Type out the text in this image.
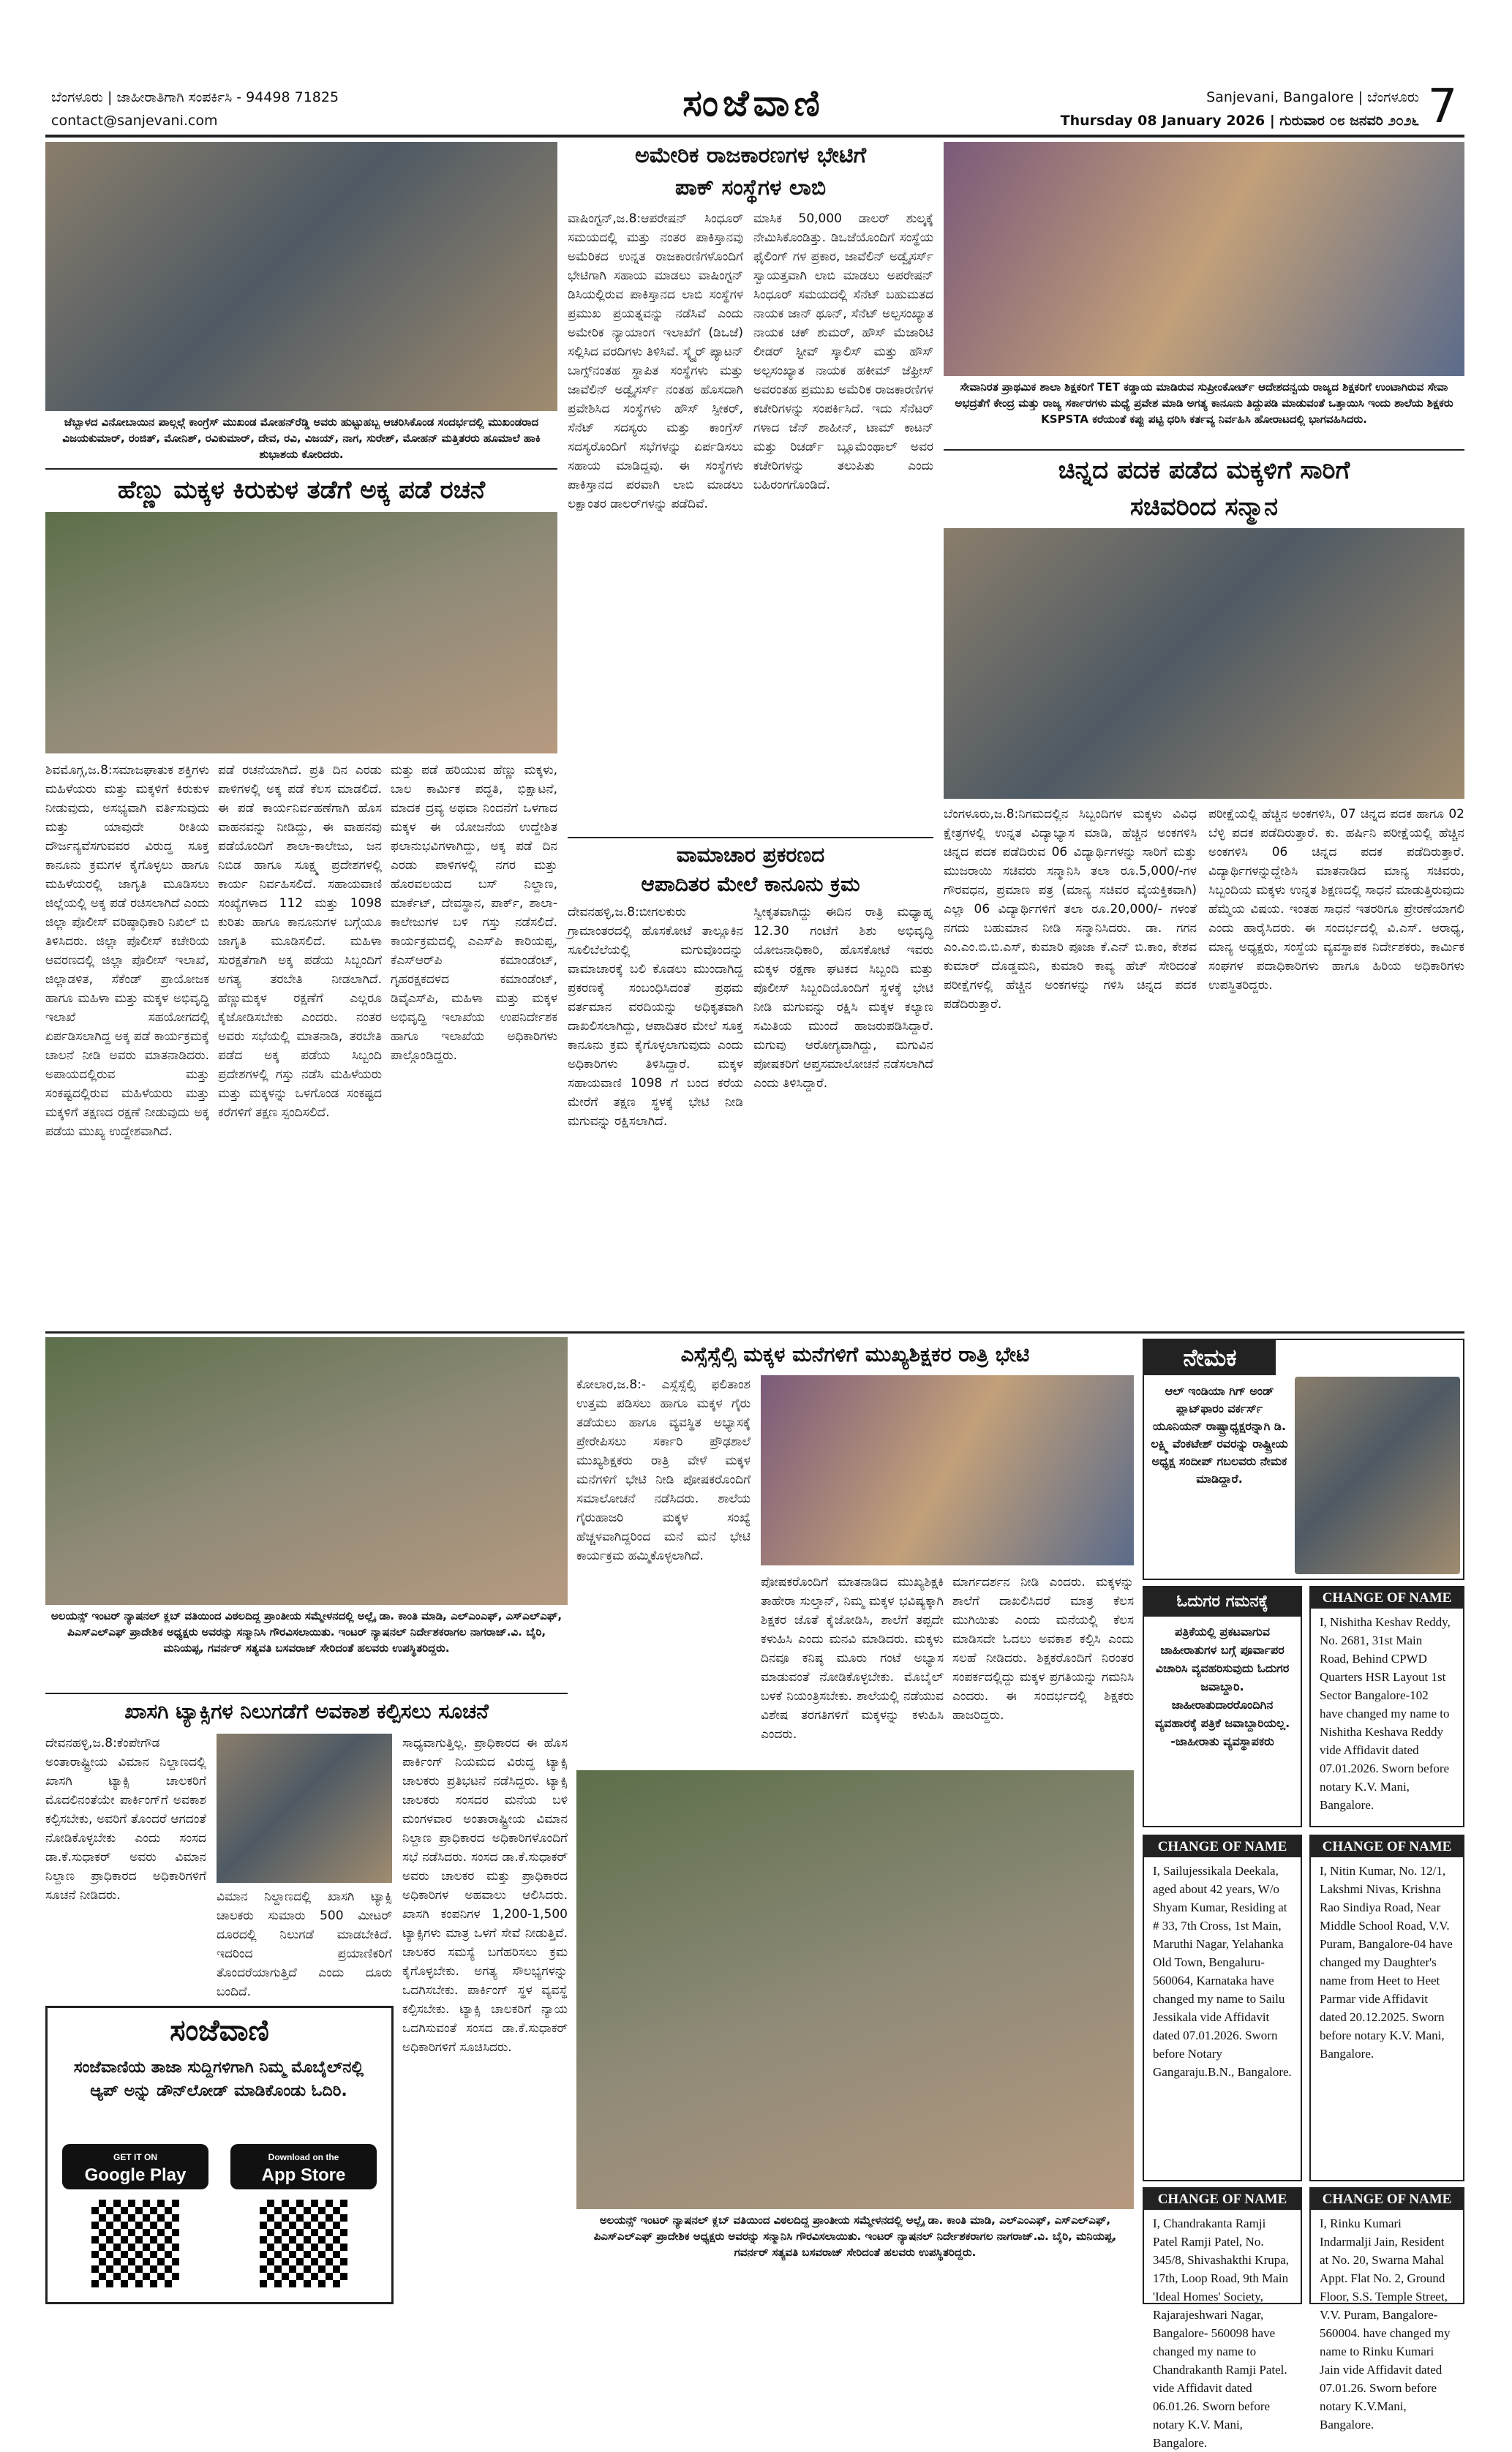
ಬೆಂಗಳೂರು | ಜಾಹೀರಾತಿಗಾಗಿ ಸಂಪರ್ಕಿಸಿ - 94498 71825
contact@sanjevani.com	ಸಂಜೆವಾಣಿ	Sanjevani, Bangalore | ಬೆಂಗಳೂರು
Thursday 08 January 2026 | ಗುರುವಾರ ೦೮ ಜನವರಿ ೨೦೨೬ 7
ಜೆಬ್ಬಾಳದ ವಿನೋಬಾಯಿನ ಪಾಲ್ಗಲ್ಗೆ ಕಾಂಗ್ರೆಸ್ ಮುಖಂಡ ಮೋಹನ್‌ರೆಡ್ಡಿ ಅವರು ಹುಟ್ಟುಹಬ್ಬ ಆಚರಿಸಿಕೊಂಡ ಸಂದರ್ಭದಲ್ಲಿ ಮುಖಂಡರಾದ ವಿಜಯಕುಮಾರ್, ರಂಜಿತ್, ಮೋನಿಶ್, ರವಿಕುಮಾರ್, ದೇವ, ರವಿ, ವಿಜಯ್, ನಾಗ, ಸುರೇಶ್, ಮೋಹನ್ ಮತ್ತಿತರರು ಹೂಮಾಲೆ ಹಾಕಿ ಶುಭಾಶಯ ಕೋರಿದರು.
ಹೆಣ್ಣು ಮಕ್ಕಳ ಕಿರುಕುಳ ತಡೆಗೆ ಅಕ್ಕ ಪಡೆ ರಚನೆ
ಶಿವಮೊಗ್ಗ,ಜ.8:ಸಮಾಜಘಾತುಕ ಶಕ್ತಿಗಳು ಮಹಿಳೆಯರು ಮತ್ತು ಮಕ್ಕಳಿಗೆ ಕಿರುಕುಳ ನೀಡುವುದು, ಅಸಭ್ಯವಾಗಿ ವರ್ತಿಸುವುದು ಮತ್ತು ಯಾವುದೇ ರೀತಿಯ ದೌರ್ಜನ್ಯವೆಸಗುವವರ ವಿರುದ್ಧ ಸೂಕ್ತ ಕಾನೂನು ಕ್ರಮಗಳ ಕೈಗೊಳ್ಳಲು ಹಾಗೂ ಮಹಿಳೆಯರಲ್ಲಿ ಜಾಗೃತಿ ಮೂಡಿಸಲು ಜಿಲ್ಲೆಯಲ್ಲಿ ಅಕ್ಕ ಪಡೆ ರಚಿಸಲಾಗಿದೆ ಎಂದು ಜಿಲ್ಲಾ ಪೊಲೀಸ್ ವರಿಷ್ಠಾಧಿಕಾರಿ ನಿಖಿಲ್ ಬಿ ತಿಳಿಸಿದರು. ಜಿಲ್ಲಾ ಪೊಲೀಸ್ ಕಚೇರಿಯ ಆವರಣದಲ್ಲಿ ಜಿಲ್ಲಾ ಪೊಲೀಸ್ ಇಲಾಖೆ, ಜಿಲ್ಲಾಡಳಿತ, ಸೆಕೆಂಡ್ ಪ್ರಾಯೋಜಕ ಹಾಗೂ ಮಹಿಳಾ ಮತ್ತು ಮಕ್ಕಳ ಅಭಿವೃದ್ಧಿ ಇಲಾಖೆ ಸಹಯೋಗದಲ್ಲಿ ಏರ್ಪಡಿಸಲಾಗಿದ್ದ ಅಕ್ಕ ಪಡೆ ಕಾರ್ಯಕ್ರಮಕ್ಕೆ ಚಾಲನೆ ನೀಡಿ ಅವರು ಮಾತನಾಡಿದರು. ಅಪಾಯದಲ್ಲಿರುವ ಮತ್ತು ಸಂಕಷ್ಟದಲ್ಲಿರುವ ಮಹಿಳೆಯರು ಮತ್ತು ಮಕ್ಕಳಿಗೆ ತಕ್ಷಣದ ರಕ್ಷಣೆ ನೀಡುವುದು ಅಕ್ಕ ಪಡೆಯ ಮುಖ್ಯ ಉದ್ದೇಶವಾಗಿದೆ.
ಪಡೆ ರಚನೆಯಾಗಿದೆ. ಪ್ರತಿ ದಿನ ಎರಡು ಪಾಳಿಗಳಲ್ಲಿ ಅಕ್ಕ ಪಡೆ ಕೆಲಸ ಮಾಡಲಿದೆ. ಈ ಪಡೆ ಕಾರ್ಯನಿರ್ವಹಣೆಗಾಗಿ ಹೊಸ ವಾಹನವನ್ನು ನೀಡಿದ್ದು, ಈ ವಾಹನವು ಪಡೆಯೊಂದಿಗೆ ಶಾಲಾ-ಕಾಲೇಜು, ಜನ ನಿಬಿಡ ಹಾಗೂ ಸೂಕ್ಷ್ಮ ಪ್ರದೇಶಗಳಲ್ಲಿ ಕಾರ್ಯ ನಿರ್ವಹಿಸಲಿದೆ. ಸಹಾಯವಾಣಿ ಸಂಖ್ಯೆಗಳಾದ 112 ಮತ್ತು 1098 ಕುರಿತು ಹಾಗೂ ಕಾನೂನುಗಳ ಬಗ್ಗೆಯೂ ಜಾಗೃತಿ ಮೂಡಿಸಲಿದೆ. ಮಹಿಳಾ ಸುರಕ್ಷತೆಗಾಗಿ ಅಕ್ಕ ಪಡೆಯ ಸಿಬ್ಬಂದಿಗೆ ಅಗತ್ಯ ತರಬೇತಿ ನೀಡಲಾಗಿದೆ. ಹೆಣ್ಣುಮಕ್ಕಳ ರಕ್ಷಣೆಗೆ ಎಲ್ಲರೂ ಕೈಜೋಡಿಸಬೇಕು ಎಂದರು. ನಂತರ ಅವರು ಸಭೆಯಲ್ಲಿ ಮಾತನಾಡಿ, ತರಬೇತಿ ಪಡೆದ ಅಕ್ಕ ಪಡೆಯ ಸಿಬ್ಬಂದಿ ಪ್ರದೇಶಗಳಲ್ಲಿ ಗಸ್ತು ನಡೆಸಿ ಮಹಿಳೆಯರು ಮತ್ತು ಮಕ್ಕಳನ್ನು ಒಳಗೊಂಡ ಸಂಕಷ್ಟದ ಕರೆಗಳಿಗೆ ತಕ್ಷಣ ಸ್ಪಂದಿಸಲಿದೆ.
ಮತ್ತು ಪಡೆ ಹರಿಯುವ ಹೆಣ್ಣು ಮಕ್ಕಳು, ಬಾಲ ಕಾರ್ಮಿಕ ಪದ್ಧತಿ, ಭಿಕ್ಷಾಟನೆ, ಮಾದಕ ದ್ರವ್ಯ ಅಥವಾ ನಿಂದನೆಗೆ ಒಳಗಾದ ಮಕ್ಕಳ ಈ ಯೋಜನೆಯ ಉದ್ದೇಶಿತ ಫಲಾನುಭವಿಗಳಾಗಿದ್ದು, ಅಕ್ಕ ಪಡೆ ದಿನ ಎರಡು ಪಾಳಿಗಳಲ್ಲಿ ನಗರ ಮತ್ತು ಹೊರವಲಯದ ಬಸ್ ನಿಲ್ದಾಣ, ಮಾರ್ಕೆಟ್, ದೇವಸ್ಥಾನ, ಪಾರ್ಕ್, ಶಾಲಾ-ಕಾಲೇಜುಗಳ ಬಳಿ ಗಸ್ತು ನಡೆಸಲಿದೆ. ಕಾರ್ಯಕ್ರಮದಲ್ಲಿ ಎಎಸ್‌ಪಿ ಕಾರಿಯಪ್ಪ, ಕೆಎಸ್‌ಆರ್‌ಪಿ ಕಮಾಂಡೆಂಟ್, ಗೃಹರಕ್ಷಕದಳದ ಕಮಾಂಡೆಂಟ್, ಡಿವೈಎಸ್‌ಪಿ, ಮಹಿಳಾ ಮತ್ತು ಮಕ್ಕಳ ಅಭಿವೃದ್ಧಿ ಇಲಾಖೆಯ ಉಪನಿರ್ದೇಶಕ ಹಾಗೂ ಇಲಾಖೆಯ ಅಧಿಕಾರಿಗಳು ಪಾಲ್ಗೊಂಡಿದ್ದರು.
ಅಮೇರಿಕ ರಾಜಕಾರಣಗಳ ಭೇಟಿಗೆ
ಪಾಕ್ ಸಂಸ್ಥೆಗಳ ಲಾಬಿ
ವಾಷಿಂಗ್ಟನ್,ಜ.8:ಆಪರೇಷನ್ ಸಿಂಧೂರ್ ಸಮಯದಲ್ಲಿ ಮತ್ತು ನಂತರ ಪಾಕಿಸ್ತಾನವು ಅಮೆರಿಕದ ಉನ್ನತ ರಾಜಕಾರಣಿಗಳೊಂದಿಗೆ ಭೇಟಿಗಾಗಿ ಸಹಾಯ ಮಾಡಲು ವಾಷಿಂಗ್ಟನ್ ಡಿಸಿಯಲ್ಲಿರುವ ಪಾಕಿಸ್ತಾನದ ಲಾಬಿ ಸಂಸ್ಥೆಗಳ ಪ್ರಮುಖ ಪ್ರಯತ್ನವನ್ನು ನಡೆಸಿವೆ ಎಂದು ಅಮೇರಿಕ ನ್ಯಾಯಾಂಗ ಇಲಾಖೆಗೆ (ಡಿಒಜೆ) ಸಲ್ಲಿಸಿದ ವರದಿಗಳು ತಿಳಿಸಿವೆ. ಸ್ಕ್ವೈರ್ ಪ್ಯಾಟನ್ ಬಾಗ್ಸ್‌ನಂತಹ ಸ್ಥಾಪಿತ ಸಂಸ್ಥೆಗಳು ಮತ್ತು ಜಾವೆಲಿನ್ ಅಡ್ವೈಸರ್ಸ್ ನಂತಹ ಹೊಸದಾಗಿ ಪ್ರವೇಶಿಸಿದ ಸಂಸ್ಥೆಗಳು ಹೌಸ್ ಸ್ಪೀಕರ್, ಸೆನೆಟ್ ಸದಸ್ಯರು ಮತ್ತು ಕಾಂಗ್ರೆಸ್ ಸದಸ್ಯರೊಂದಿಗೆ ಸಭೆಗಳನ್ನು ಏರ್ಪಡಿಸಲು ಸಹಾಯ ಮಾಡಿದ್ದವು. ಈ ಸಂಸ್ಥೆಗಳು ಪಾಕಿಸ್ತಾನದ ಪರವಾಗಿ ಲಾಬಿ ಮಾಡಲು ಲಕ್ಷಾಂತರ ಡಾಲರ್‌ಗಳನ್ನು ಪಡೆದಿವೆ.
ಮಾಸಿಕ 50,000 ಡಾಲರ್ ಶುಲ್ಕಕ್ಕೆ ನೇಮಿಸಿಕೊಂಡಿತ್ತು. ಡಿಒಜೆಯೊಂದಿಗೆ ಸಂಸ್ಥೆಯ ಫೈಲಿಂಗ್ ಗಳ ಪ್ರಕಾರ, ಜಾವೆಲಿನ್ ಅಡ್ವೈಸರ್ಸ್ ಸ್ವಾಯತ್ತವಾಗಿ ಲಾಬಿ ಮಾಡಲು ಅಪರೇಷನ್ ಸಿಂಧೂರ್ ಸಮಯದಲ್ಲಿ ಸೆನೆಟ್ ಬಹುಮತದ ನಾಯಕ ಜಾನ್ ಥೂನ್, ಸೆನೆಟ್ ಅಲ್ಪಸಂಖ್ಯಾತ ನಾಯಕ ಚಕ್ ಶುಮರ್, ಹೌಸ್ ಮೆಜಾರಿಟಿ ಲೀಡರ್ ಸ್ಟೀವ್ ಸ್ಕಾಲಿಸ್ ಮತ್ತು ಹೌಸ್ ಅಲ್ಪಸಂಖ್ಯಾತ ನಾಯಕ ಹಕೀಮ್ ಜೆಫ್ರೀಸ್ ಅವರಂತಹ ಪ್ರಮುಖ ಅಮೆರಿಕ ರಾಜಕಾರಣಿಗಳ ಕಚೇರಿಗಳನ್ನು ಸಂಪರ್ಕಿಸಿದೆ. ಇದು ಸೆನೆಟರ್ ಗಳಾದ ಜೆನ್ ಶಾಹೀನ್, ಟಾಮ್ ಕಾಟನ್ ಮತ್ತು ರಿಚರ್ಡ್ ಬ್ಲೂಮೆಂಥಾಲ್ ಅವರ ಕಚೇರಿಗಳನ್ನು ತಲುಪಿತು ಎಂದು ಬಹಿರಂಗಗೊಂಡಿದೆ.
ವಾಮಾಚಾರ ಪ್ರಕರಣದ
ಆಪಾದಿತರ ಮೇಲೆ ಕಾನೂನು ಕ್ರಮ
ದೇವನಹಳ್ಳಿ,ಜ.8:ಬೀಗಲಕುರು ಗ್ರಾಮಾಂತರದಲ್ಲಿ ಹೊಸಕೋಟೆ ತಾಲ್ಲೂಕಿನ ಸೂಲಿಬೆಲೆಯಲ್ಲಿ ಮಗುವೊಂದನ್ನು ವಾಮಾಚಾರಕ್ಕೆ ಬಲಿ ಕೊಡಲು ಮುಂದಾಗಿದ್ದ ಪ್ರಕರಣಕ್ಕೆ ಸಂಬಂಧಿಸಿದಂತೆ ಪ್ರಥಮ ವರ್ತಮಾನ ವರದಿಯನ್ನು ಅಧಿಕೃತವಾಗಿ ದಾಖಲಿಸಲಾಗಿದ್ದು, ಆಪಾದಿತರ ಮೇಲೆ ಸೂಕ್ತ ಕಾನೂನು ಕ್ರಮ ಕೈಗೊಳ್ಳಲಾಗುವುದು ಎಂದು ಅಧಿಕಾರಿಗಳು ತಿಳಿಸಿದ್ದಾರೆ. ಮಕ್ಕಳ ಸಹಾಯವಾಣಿ 1098 ಗೆ ಬಂದ ಕರೆಯ ಮೇರೆಗೆ ತಕ್ಷಣ ಸ್ಥಳಕ್ಕೆ ಭೇಟಿ ನೀಡಿ ಮಗುವನ್ನು ರಕ್ಷಿಸಲಾಗಿದೆ.
ಸ್ವೀಕೃತವಾಗಿದ್ದು ಈದಿನ ರಾತ್ರಿ ಮಧ್ಯಾಹ್ನ 12.30 ಗಂಟೆಗೆ ಶಿಶು ಅಭಿವೃದ್ಧಿ ಯೋಜನಾಧಿಕಾರಿ, ಹೊಸಕೋಟೆ ಇವರು ಮಕ್ಕಳ ರಕ್ಷಣಾ ಘಟಕದ ಸಿಬ್ಬಂದಿ ಮತ್ತು ಪೊಲೀಸ್ ಸಿಬ್ಬಂದಿಯೊಂದಿಗೆ ಸ್ಥಳಕ್ಕೆ ಭೇಟಿ ನೀಡಿ ಮಗುವನ್ನು ರಕ್ಷಿಸಿ ಮಕ್ಕಳ ಕಲ್ಯಾಣ ಸಮಿತಿಯ ಮುಂದೆ ಹಾಜರುಪಡಿಸಿದ್ದಾರೆ. ಮಗುವು ಆರೋಗ್ಯವಾಗಿದ್ದು, ಮಗುವಿನ ಪೋಷಕರಿಗೆ ಆಪ್ತಸಮಾಲೋಚನೆ ನಡೆಸಲಾಗಿದೆ ಎಂದು ತಿಳಿಸಿದ್ದಾರೆ.
ಸೇವಾನಿರತ ಪ್ರಾಥಮಿಕ ಶಾಲಾ ಶಿಕ್ಷಕರಿಗೆ TET ಕಡ್ಡಾಯ ಮಾಡಿರುವ ಸುಪ್ರೀಂಕೋರ್ಟ್ ಆದೇಶದನ್ವಯ ರಾಜ್ಯದ ಶಿಕ್ಷಕರಿಗೆ ಉಂಟಾಗಿರುವ ಸೇವಾ ಅಭದ್ರತೆಗೆ ಕೇಂದ್ರ ಮತ್ತು ರಾಜ್ಯ ಸರ್ಕಾರಗಳು ಮಧ್ಯೆ ಪ್ರವೇಶ ಮಾಡಿ ಅಗತ್ಯ ಕಾನೂನು ತಿದ್ದುಪಡಿ ಮಾಡುವಂತೆ ಒತ್ತಾಯಿಸಿ ಇಂದು ಶಾಲೆಯ ಶಿಕ್ಷಕರು KSPSTA ಕರೆಯಂತೆ ಕಪ್ಪು ಪಟ್ಟಿ ಧರಿಸಿ ಕರ್ತವ್ಯ ನಿರ್ವಹಿಸಿ ಹೋರಾಟದಲ್ಲಿ ಭಾಗವಹಿಸಿದರು.
ಚಿನ್ನದ ಪದಕ ಪಡೆದ ಮಕ್ಕಳಿಗೆ ಸಾರಿಗೆ
ಸಚಿವರಿಂದ ಸನ್ಮಾನ
ಬೆಂಗಳೂರು,ಜ.8:ನಿಗಮದಲ್ಲಿನ ಸಿಬ್ಬಂದಿಗಳ ಮಕ್ಕಳು ವಿವಿಧ ಕ್ಷೇತ್ರಗಳಲ್ಲಿ ಉನ್ನತ ವಿದ್ಯಾಭ್ಯಾಸ ಮಾಡಿ, ಹೆಚ್ಚಿನ ಅಂಕಗಳಿಸಿ ಚಿನ್ನದ ಪದಕ ಪಡೆದಿರುವ 06 ವಿದ್ಯಾರ್ಥಿಗಳನ್ನು ಸಾರಿಗೆ ಮತ್ತು ಮುಜರಾಯಿ ಸಚಿವರು ಸನ್ಮಾನಿಸಿ ತಲಾ ರೂ.5,000/-ಗಳ ಗೌರವಧನ, ಪ್ರಮಾಣ ಪತ್ರ (ಮಾನ್ಯ ಸಚಿವರ ವೈಯಕ್ತಿಕವಾಗಿ) ಎಲ್ಲಾ 06 ವಿದ್ಯಾರ್ಥಿಗಳಿಗೆ ತಲಾ ರೂ.20,000/- ಗಳಂತೆ ನಗದು ಬಹುಮಾನ ನೀಡಿ ಸನ್ಮಾನಿಸಿದರು. ಡಾ. ಗಗನ ಎಂ.ಎಂ.ಬಿ.ಬಿ.ಎಸ್, ಕುಮಾರಿ ಪೂಜಾ ಕೆ.ಎನ್ ಬಿ.ಕಾಂ, ಕೇಶವ ಕುಮಾರ್ ದೊಡ್ಡಮನಿ, ಕುಮಾರಿ ಕಾವ್ಯ ಹೆಚ್ ಸೇರಿದಂತೆ ಪರೀಕ್ಷೆಗಳಲ್ಲಿ ಹೆಚ್ಚಿನ ಅಂಕಗಳನ್ನು ಗಳಿಸಿ ಚಿನ್ನದ ಪದಕ ಪಡೆದಿರುತ್ತಾರೆ.
ಪರೀಕ್ಷೆಯಲ್ಲಿ ಹೆಚ್ಚಿನ ಅಂಕಗಳಿಸಿ, 07 ಚಿನ್ನದ ಪದಕ ಹಾಗೂ 02 ಬೆಳ್ಳಿ ಪದಕ ಪಡೆದಿರುತ್ತಾರೆ. ಕು. ಹರ್ಷಿನಿ ಪರೀಕ್ಷೆಯಲ್ಲಿ ಹೆಚ್ಚಿನ ಅಂಕಗಳಿಸಿ 06 ಚಿನ್ನದ ಪದಕ ಪಡೆದಿರುತ್ತಾರೆ. ವಿದ್ಯಾರ್ಥಿಗಳನ್ನುದ್ದೇಶಿಸಿ ಮಾತನಾಡಿದ ಮಾನ್ಯ ಸಚಿವರು, ಸಿಬ್ಬಂದಿಯ ಮಕ್ಕಳು ಉನ್ನತ ಶಿಕ್ಷಣದಲ್ಲಿ ಸಾಧನೆ ಮಾಡುತ್ತಿರುವುದು ಹೆಮ್ಮೆಯ ವಿಷಯ. ಇಂತಹ ಸಾಧನೆ ಇತರರಿಗೂ ಪ್ರೇರಣೆಯಾಗಲಿ ಎಂದು ಹಾರೈಸಿದರು. ಈ ಸಂದರ್ಭದಲ್ಲಿ ವಿ.ಎಸ್. ಆರಾಧ್ಯ, ಮಾನ್ಯ ಅಧ್ಯಕ್ಷರು, ಸಂಸ್ಥೆಯ ವ್ಯವಸ್ಥಾಪಕ ನಿರ್ದೇಶಕರು, ಕಾರ್ಮಿಕ ಸಂಘಗಳ ಪದಾಧಿಕಾರಿಗಳು ಹಾಗೂ ಹಿರಿಯ ಅಧಿಕಾರಿಗಳು ಉಪಸ್ಥಿತರಿದ್ದರು.
ಅಲಯನ್ಸ್ ಇಂಟರ್ ನ್ಯಾಷನಲ್ ಕ್ಲಬ್ ವತಿಯಿಂದ ವಿಠಲದಿದ್ದ ಪ್ರಾಂತೀಯ ಸಮ್ಮೇಳನದಲ್ಲಿ ಅಲ್ಲೈ ಡಾ. ಕಾಂತಿ ಮಾಡಿ, ಎಲ್‌ಎಂಎಫ್, ಎಸ್‌ಎಲ್‌ಎಫ್, ಪಿಎಸ್‌ಎಲ್‌ಎಫ್ ಪ್ರಾದೇಶಿಕ ಅಧ್ಯಕ್ಷರು ಅವರನ್ನು ಸನ್ಮಾನಿಸಿ ಗೌರವಿಸಲಾಯಿತು. ಇಂಟರ್ ನ್ಯಾಷನಲ್ ನಿರ್ದೇಶಕರಾಗಲ ನಾಗರಾಜ್.ವಿ. ಬೈರಿ, ಮನಿಯಪ್ಪ, ಗವರ್ನರ್ ಸತ್ಯವತಿ ಬಸವರಾಜ್ ಸೇರಿದಂತೆ ಹಲವರು ಉಪಸ್ಥಿತರಿದ್ದರು.
ಖಾಸಗಿ ಟ್ಯಾಕ್ಸಿಗಳ ನಿಲುಗಡೆಗೆ ಅವಕಾಶ ಕಲ್ಪಿಸಲು ಸೂಚನೆ
ದೇವನಹಳ್ಳಿ,ಜ.8:ಕೆಂಪೇಗೌಡ ಅಂತಾರಾಷ್ಟ್ರೀಯ ವಿಮಾನ ನಿಲ್ದಾಣದಲ್ಲಿ ಖಾಸಗಿ ಟ್ಯಾಕ್ಸಿ ಚಾಲಕರಿಗೆ ಮೊದಲಿನಂತೆಯೇ ಪಾರ್ಕಿಂಗ್‌ಗೆ ಅವಕಾಶ ಕಲ್ಪಿಸಬೇಕು, ಅವರಿಗೆ ತೊಂದರೆ ಆಗದಂತೆ ನೋಡಿಕೊಳ್ಳಬೇಕು ಎಂದು ಸಂಸದ ಡಾ.ಕೆ.ಸುಧಾಕರ್ ಅವರು ವಿಮಾನ ನಿಲ್ದಾಣ ಪ್ರಾಧಿಕಾರದ ಅಧಿಕಾರಿಗಳಿಗೆ ಸೂಚನೆ ನೀಡಿದರು.	ವಿಮಾನ ನಿಲ್ದಾಣದಲ್ಲಿ ಖಾಸಗಿ ಟ್ಯಾಕ್ಸಿ ಚಾಲಕರು ಸುಮಾರು 500 ಮೀಟರ್ ದೂರದಲ್ಲಿ ನಿಲುಗಡೆ ಮಾಡಬೇಕಿದೆ. ಇದರಿಂದ ಪ್ರಯಾಣಿಕರಿಗೆ ತೊಂದರೆಯಾಗುತ್ತಿದೆ ಎಂದು ದೂರು ಬಂದಿದೆ.
ಸಾಧ್ಯವಾಗುತ್ತಿಲ್ಲ. ಪ್ರಾಧಿಕಾರದ ಈ ಹೊಸ ಪಾರ್ಕಿಂಗ್ ನಿಯಮದ ವಿರುದ್ಧ ಟ್ಯಾಕ್ಸಿ ಚಾಲಕರು ಪ್ರತಿಭಟನೆ ನಡೆಸಿದ್ದರು. ಟ್ಯಾಕ್ಸಿ ಚಾಲಕರು ಸಂಸದರ ಮನೆಯ ಬಳಿ ಮಂಗಳವಾರ ಅಂತಾರಾಷ್ಟ್ರೀಯ ವಿಮಾನ ನಿಲ್ದಾಣ ಪ್ರಾಧಿಕಾರದ ಅಧಿಕಾರಿಗಳೊಂದಿಗೆ ಸಭೆ ನಡೆಸಿದರು. ಸಂಸದ ಡಾ.ಕೆ.ಸುಧಾಕರ್ ಅವರು ಚಾಲಕರ ಮತ್ತು ಪ್ರಾಧಿಕಾರದ ಅಧಿಕಾರಿಗಳ ಅಹವಾಲು ಆಲಿಸಿದರು. ಖಾಸಗಿ ಕಂಪನಿಗಳ 1,200-1,500 ಟ್ಯಾಕ್ಸಿಗಳು ಮಾತ್ರ ಒಳಗೆ ಸೇವೆ ನೀಡುತ್ತಿವೆ. ಚಾಲಕರ ಸಮಸ್ಯೆ ಬಗೆಹರಿಸಲು ಕ್ರಮ ಕೈಗೊಳ್ಳಬೇಕು. ಅಗತ್ಯ ಸೌಲಭ್ಯಗಳನ್ನು ಒದಗಿಸಬೇಕು. ಪಾರ್ಕಿಂಗ್ ಸ್ಥಳ ವ್ಯವಸ್ಥೆ ಕಲ್ಪಿಸಬೇಕು. ಟ್ಯಾಕ್ಸಿ ಚಾಲಕರಿಗೆ ನ್ಯಾಯ ಒದಗಿಸುವಂತೆ ಸಂಸದ ಡಾ.ಕೆ.ಸುಧಾಕರ್ ಅಧಿಕಾರಿಗಳಿಗೆ ಸೂಚಿಸಿದರು.
ಸಂಜೆವಾಣಿ
ಸಂಜೆವಾಣಿಯ ತಾಜಾ ಸುದ್ದಿಗಳಿಗಾಗಿ ನಿಮ್ಮ ಮೊಬೈಲ್‌ನಲ್ಲಿ ಆ್ಯಪ್ ಅನ್ನು ಡೌನ್‌ಲೋಡ್ ಮಾಡಿಕೊಂಡು ಓದಿರಿ.
GET IT ON
Google Play
Download on the
App Store
ಎಸ್ಸೆಸ್ಸೆಲ್ಸಿ ಮಕ್ಕಳ ಮನೆಗಳಿಗೆ ಮುಖ್ಯಶಿಕ್ಷಕರ ರಾತ್ರಿ ಭೇಟಿ
ಕೋಲಾರ,ಜ.8:- ಎಸ್ಸೆಸ್ಸೆಲ್ಸಿ ಫಲಿತಾಂಶ ಉತ್ತಮ ಪಡಿಸಲು ಹಾಗೂ ಮಕ್ಕಳ ಗೈರು ತಡೆಯಲು ಹಾಗೂ ವ್ಯವಸ್ಥಿತ ಅಭ್ಯಾಸಕ್ಕೆ ಪ್ರೇರೇಪಿಸಲು ಸರ್ಕಾರಿ ಪ್ರೌಢಶಾಲೆ ಮುಖ್ಯಶಿಕ್ಷಕರು ರಾತ್ರಿ ವೇಳೆ ಮಕ್ಕಳ ಮನೆಗಳಿಗೆ ಭೇಟಿ ನೀಡಿ ಪೋಷಕರೊಂದಿಗೆ ಸಮಾಲೋಚನೆ ನಡೆಸಿದರು. ಶಾಲೆಯ ಗೈರುಹಾಜರಿ ಮಕ್ಕಳ ಸಂಖ್ಯೆ ಹೆಚ್ಚಳವಾಗಿದ್ದರಿಂದ ಮನೆ ಮನೆ ಭೇಟಿ ಕಾರ್ಯಕ್ರಮ ಹಮ್ಮಿಕೊಳ್ಳಲಾಗಿದೆ.
ಪೋಷಕರೊಂದಿಗೆ ಮಾತನಾಡಿದ ಮುಖ್ಯಶಿಕ್ಷಕಿ ತಾಹೇರಾ ಸುಲ್ತಾನ್, ನಿಮ್ಮ ಮಕ್ಕಳ ಭವಿಷ್ಯಕ್ಕಾಗಿ ಶಿಕ್ಷಕರ ಜೊತೆ ಕೈಜೋಡಿಸಿ, ಶಾಲೆಗೆ ತಪ್ಪದೇ ಕಳುಹಿಸಿ ಎಂದು ಮನವಿ ಮಾಡಿದರು. ಮಕ್ಕಳು ದಿನವೂ ಕನಿಷ್ಠ ಮೂರು ಗಂಟೆ ಅಭ್ಯಾಸ ಮಾಡುವಂತೆ ನೋಡಿಕೊಳ್ಳಬೇಕು. ಮೊಬೈಲ್ ಬಳಕೆ ನಿಯಂತ್ರಿಸಬೇಕು. ಶಾಲೆಯಲ್ಲಿ ನಡೆಯುವ ವಿಶೇಷ ತರಗತಿಗಳಿಗೆ ಮಕ್ಕಳನ್ನು ಕಳುಹಿಸಿ ಎಂದರು.
ಮಾರ್ಗದರ್ಶನ ನೀಡಿ ಎಂದರು. ಮಕ್ಕಳನ್ನು ಶಾಲೆಗೆ ದಾಖಲಿಸಿದರೆ ಮಾತ್ರ ಕೆಲಸ ಮುಗಿಯಿತು ಎಂದು ಮನೆಯಲ್ಲಿ ಕೆಲಸ ಮಾಡಿಸದೇ ಓದಲು ಅವಕಾಶ ಕಲ್ಪಿಸಿ ಎಂದು ಸಲಹೆ ನೀಡಿದರು. ಶಿಕ್ಷಕರೊಂದಿಗೆ ನಿರಂತರ ಸಂಪರ್ಕದಲ್ಲಿದ್ದು ಮಕ್ಕಳ ಪ್ರಗತಿಯನ್ನು ಗಮನಿಸಿ ಎಂದರು. ಈ ಸಂದರ್ಭದಲ್ಲಿ ಶಿಕ್ಷಕರು ಹಾಜರಿದ್ದರು.
ಅಲಯನ್ಸ್ ಇಂಟರ್ ನ್ಯಾಷನಲ್ ಕ್ಲಬ್ ವತಿಯಿಂದ ವಿಠಲದಿದ್ದ ಪ್ರಾಂತೀಯ ಸಮ್ಮೇಳನದಲ್ಲಿ ಅಲ್ಲೈ ಡಾ. ಕಾಂತಿ ಮಾಡಿ, ಎಲ್‌ಎಂಎಫ್, ಎಸ್‌ಎಲ್‌ಎಫ್, ಪಿಎಸ್‌ಎಲ್‌ಎಫ್ ಪ್ರಾದೇಶಿಕ ಅಧ್ಯಕ್ಷರು ಅವರನ್ನು ಸನ್ಮಾನಿಸಿ ಗೌರವಿಸಲಾಯಿತು. ಇಂಟರ್ ನ್ಯಾಷನಲ್ ನಿರ್ದೇಶಕರಾಗಲ ನಾಗರಾಜ್.ವಿ. ಬೈರಿ, ಮನಿಯಪ್ಪ, ಗವರ್ನರ್ ಸತ್ಯವತಿ ಬಸವರಾಜ್ ಸೇರಿದಂತೆ ಹಲವರು ಉಪಸ್ಥಿತರಿದ್ದರು.
ನೇಮಕ
ಆಲ್ ಇಂಡಿಯಾ ಗಿಗ್ ಅಂಡ್ ಪ್ಲಾಟ್‌ಫಾರಂ ವರ್ಕರ್ಸ್ ಯೂನಿಯನ್ ರಾಷ್ಟ್ರಾಧ್ಯಕ್ಷರನ್ನಾಗಿ ಡಿ. ಲಕ್ಷ್ಮಿ ವೆಂಕಟೇಶ್ ರವರನ್ನು ರಾಷ್ಟ್ರೀಯ ಅಧ್ಯಕ್ಷ ಸಂದೀಪ್ ಗಬಲವರು ನೇಮಕ ಮಾಡಿದ್ದಾರೆ.
ಓದುಗರ ಗಮನಕ್ಕೆ
ಪತ್ರಿಕೆಯಲ್ಲಿ ಪ್ರಕಟವಾಗುವ ಜಾಹೀರಾತುಗಳ ಬಗ್ಗೆ ಪೂರ್ವಾಪರ ವಿಚಾರಿಸಿ ವ್ಯವಹರಿಸುವುದು ಓದುಗರ ಜವಾಬ್ದಾರಿ. ಜಾಹೀರಾತುದಾರರೊಂದಿಗಿನ ವ್ಯವಹಾರಕ್ಕೆ ಪತ್ರಿಕೆ ಜವಾಬ್ದಾರಿಯಲ್ಲ. -ಜಾಹೀರಾತು ವ್ಯವಸ್ಥಾಪಕರು
CHANGE OF NAME
I, Nishitha Keshav Reddy, No. 2681, 31st Main Road, Behind CPWD Quarters HSR Layout 1st Sector Bangalore-102 have changed my name to Nishitha Keshava Reddy vide Affidavit dated 07.01.2026. Sworn before notary K.V. Mani, Bangalore.
CHANGE OF NAME
I, Sailujessikala Deekala, aged about 42 years, W/o Shyam Kumar, Residing at # 33, 7th Cross, 1st Main, Maruthi Nagar, Yelahanka Old Town, Bengaluru-560064, Karnataka have changed my name to Sailu Jessikala vide Affidavit dated 07.01.2026. Sworn before Notary Gangaraju.B.N., Bangalore.
CHANGE OF NAME
I, Nitin Kumar, No. 12/1, Lakshmi Nivas, Krishna Rao Sindiya Road, Near Middle School Road, V.V. Puram, Bangalore-04 have changed my Daughter's name from Heet to Heet Parmar vide Affidavit dated 20.12.2025. Sworn before notary K.V. Mani, Bangalore.
CHANGE OF NAME
I, Chandrakanta Ramji Patel Ramji Patel, No. 345/8, Shivashakthi Krupa, 17th, Loop Road, 9th Main 'Ideal Homes' Society, Rajarajeshwari Nagar, Bangalore- 560098 have changed my name to Chandrakanth Ramji Patel. vide Affidavit dated 06.01.26. Sworn before notary K.V. Mani, Bangalore.
CHANGE OF NAME
I, Rinku Kumari Indarmalji Jain, Resident at No. 20, Swarna Mahal Appt. Flat No. 2, Ground Floor, S.S. Temple Street, V.V. Puram, Bangalore- 560004. have changed my name to Rinku Kumari Jain vide Affidavit dated 07.01.26. Sworn before notary K.V.Mani, Bangalore.
